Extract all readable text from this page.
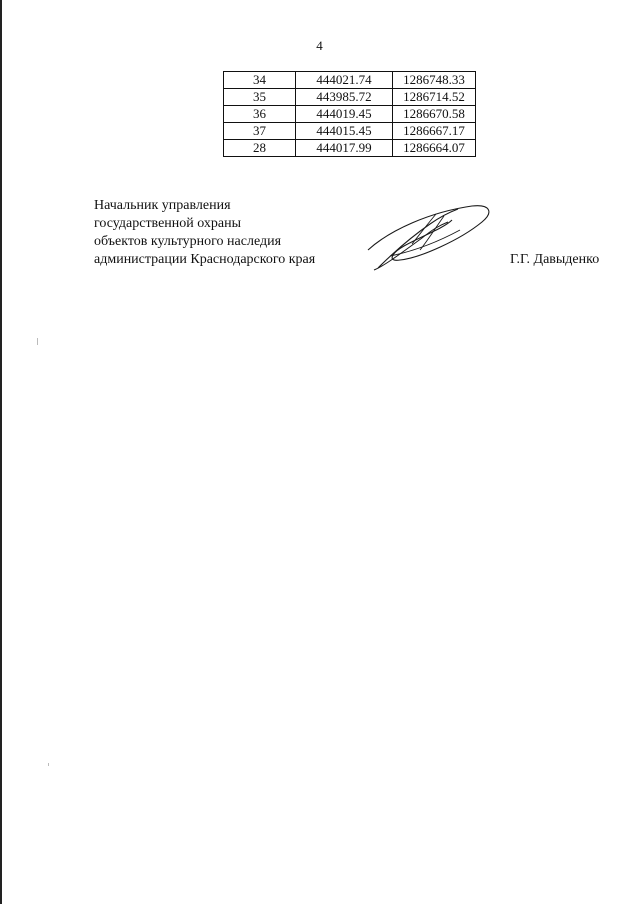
4
34	444021.74	1286748.33
35	443985.72	1286714.52
36	444019.45	1286670.58
37	444015.45	1286667.17
28	444017.99	1286664.07
Начальник управления
государственной охраны
объектов культурного наследия
администрации Краснодарского края	Г.Г. Давыденко
